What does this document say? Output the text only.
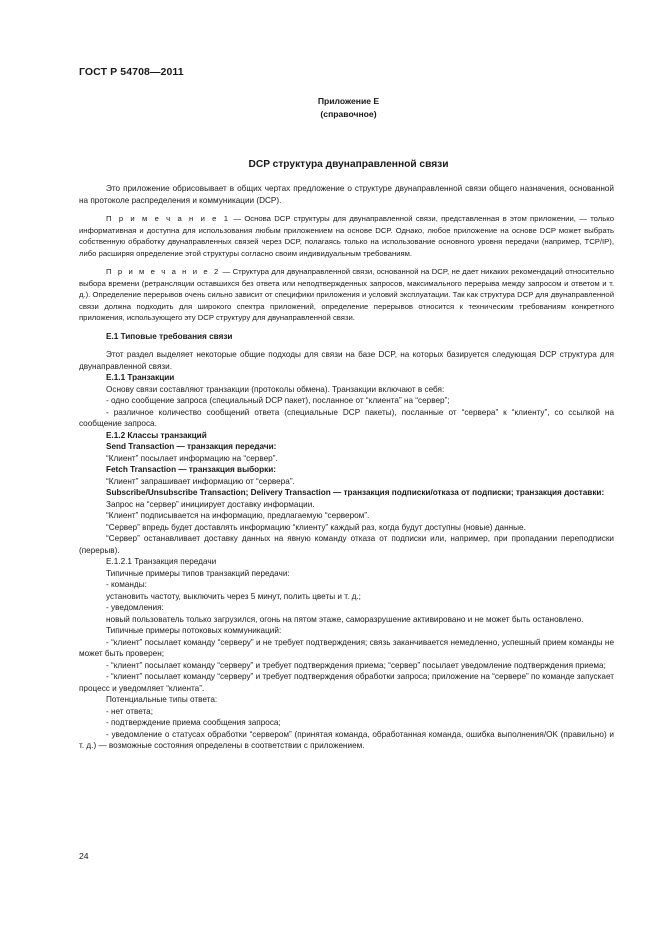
ГОСТ Р 54708—2011
Приложение Е
(справочное)
DCP структура двунаправленной связи

Это приложение обрисовывает в общих чертах предложение о структуре двунаправленной связи общего назначения, основанной на протоколе распределения и коммуникации (DCP).

П р и м е ч а н и е 1 — Основа DCP структуры для двунаправленной связи, представленная в этом приложении, — только информативная и доступна для использования любым приложением на основе DCP. Однако, любое приложение на основе DCP может выбрать собственную обработку двунаправленных связей через DCP, полагаясь только на использование основного уровня передачи (например, TCP/IP), либо расширяя определение этой структуры согласно своим индивидуальным требованиям.

П р и м е ч а н и е 2 — Структура для двунаправленной связи, основанной на DCP, не дает никаких рекомендаций относительно выбора времени (ретрансляции оставшихся без ответа или неподтвержденных запросов, максимального перерыва между запросом и ответом и т. д.). Определение перерывов очень сильно зависит от специфики приложения и условий эксплуатации. Так как структура DCP для двунаправленной связи должна подходить для широкого спектра приложений, определение перерывов относится к техническим требованиям конкретного приложения, использующего эту DCP структуру для двунаправленной связи.

Е.1 Типовые требования связи

Этот раздел выделяет некоторые общие подходы для связи на базе DCP, на которых базируется следующая DCP структура для двунаправленной связи.

Е.1.1 Транзакции

Основу связи составляют транзакции (протоколы обмена). Транзакции включают в себя:

- одно сообщение запроса (специальный DCP пакет), посланное от “клиента” на “сервер”;

- различное количество сообщений ответа (специальные DCP пакеты), посланные от “сервера” к “клиенту”, со ссылкой на сообщение запроса.

Е.1.2 Классы транзакций

Send Transaction — транзакция передачи:

“Клиент” посылает информацию на “сервер”.

Fetch Transaction — транзакция выборки:

“Клиент” запрашивает информацию от “сервера”.

Subscribe/Unsubscribe Transaction; Delivery Transaction — транзакция подписки/отказа от подписки; транзакция доставки:

Запрос на “сервер” инициирует доставку информации.

“Клиент” подписывается на информацию, предлагаемую “сервером”.

“Сервер” впредь будет доставлять информацию “клиенту” каждый раз, когда будут доступны (новые) данные.

“Сервер” останавливает доставку данных на явную команду отказа от подписки или, например, при пропадании переподписки (перерыв).

Е.1.2.1 Транзакция передачи

Типичные примеры типов транзакций передачи:

- команды:

установить частоту, выключить через 5 минут, полить цветы и т. д.;

- уведомления:

новый пользователь только загрузился, огонь на пятом этаже, саморазрушение активировано и не может быть остановлено.

Типичные примеры потоковых коммуникаций:

- “клиент” посылает команду “серверу” и не требует подтверждения; связь заканчивается немедленно, успешный прием команды не может быть проверен;

- “клиент” посылает команду “серверу” и требует подтверждения приема; “сервер” посылает уведомление подтверждения приема;

- “клиент” посылает команду “серверу” и требует подтверждения обработки запроса; приложение на “сервере” по команде запускает процесс и уведомляет “клиента”.

Потенциальные типы ответа:

- нет ответа;

- подтверждение приема сообщения запроса;

- уведомление о статусах обработки “сервером” (принятая команда, обработанная команда, ошибка выполнения/OK (правильно) и т. д.) — возможные состояния определены в соответствии с приложением.

24
